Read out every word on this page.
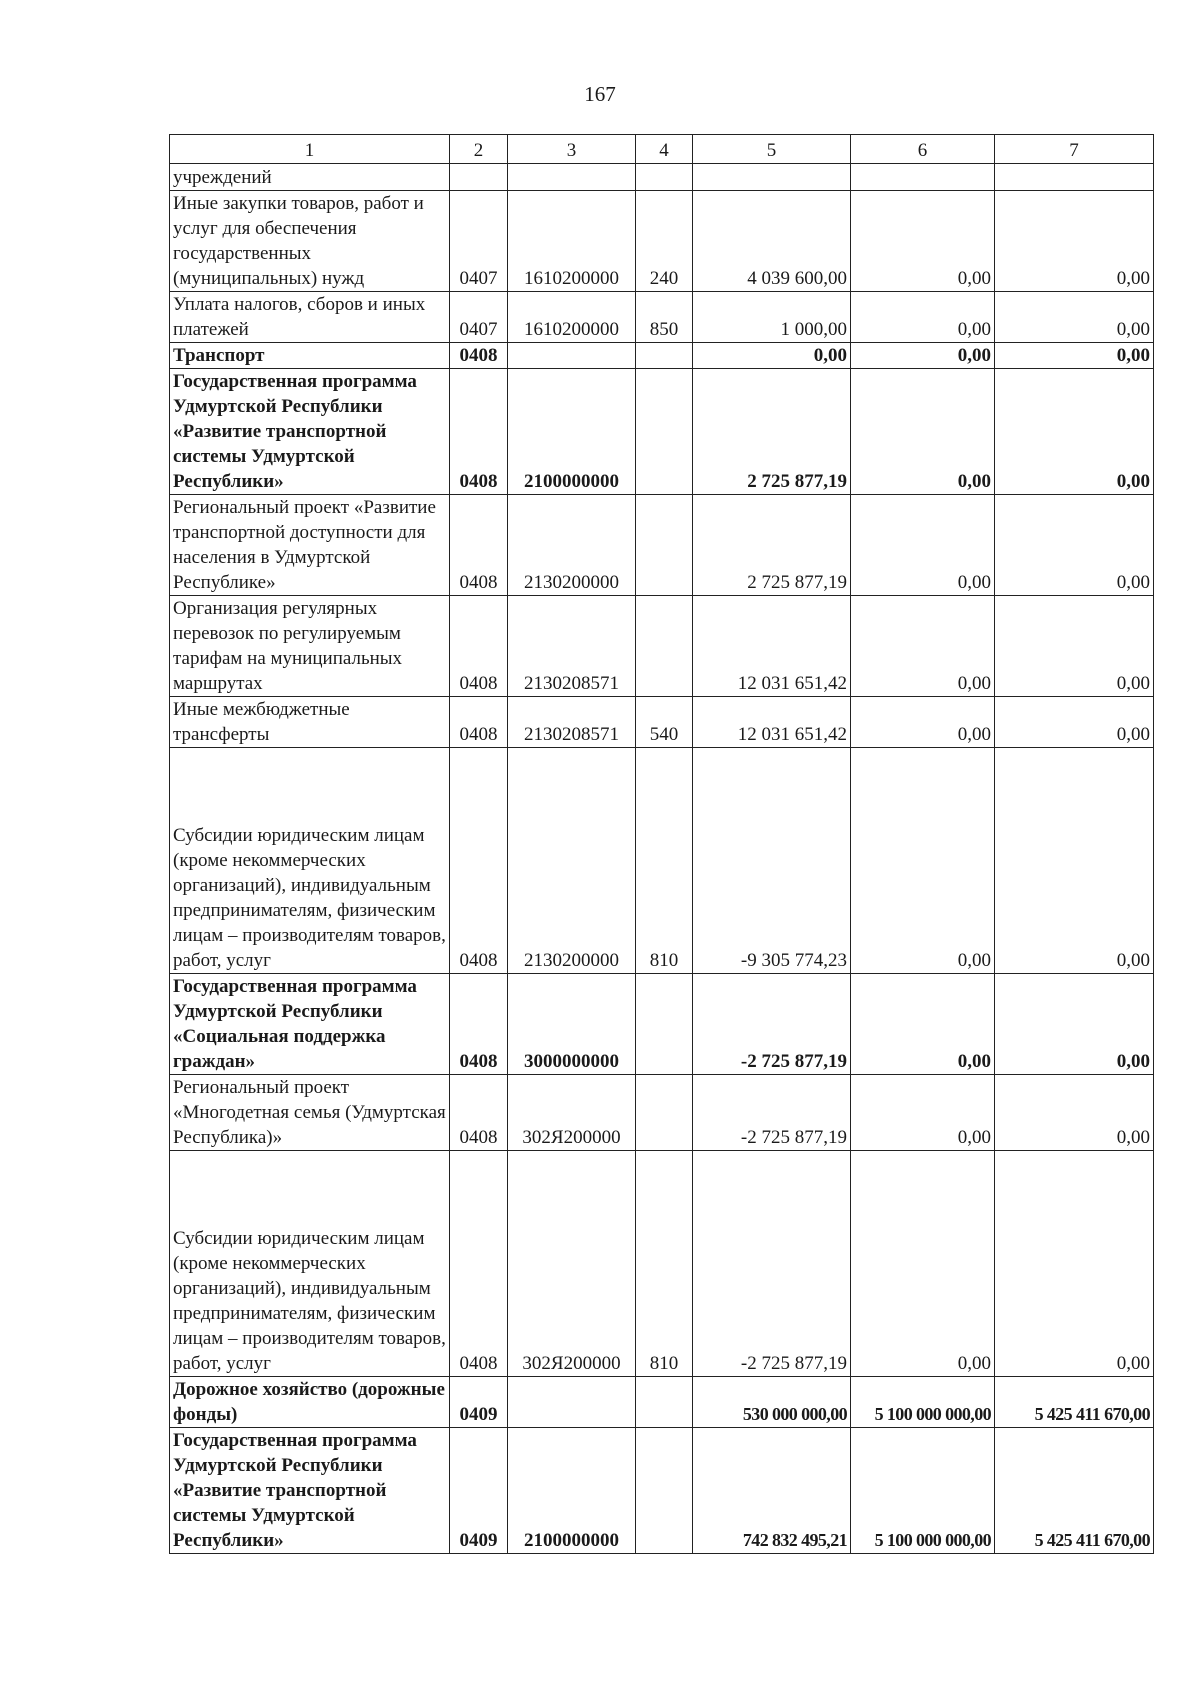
167
1	2	3	4	5	6	7
учреждений						
Иные закупки товаров, работ и услуг для обеспечения государственных (муниципальных) нужд	0407	1610200000	240	4 039 600,00	0,00	0,00
Уплата налогов, сборов и иных платежей	0407	1610200000	850	1 000,00	0,00	0,00
Транспорт	0408			0,00	0,00	0,00
Государственная программа Удмуртской Республики «Развитие транспортной системы Удмуртской Республики»	0408	2100000000		2 725 877,19	0,00	0,00
Региональный проект «Развитие транспортной доступности для населения в Удмуртской Республике»	0408	2130200000		2 725 877,19	0,00	0,00
Организация регулярных перевозок по регулируемым тарифам на муниципальных маршрутах	0408	2130208571		12 031 651,42	0,00	0,00
Иные межбюджетные трансферты	0408	2130208571	540	12 031 651,42	0,00	0,00
Субсидии юридическим лицам (кроме некоммерческих организаций), индивидуальным предпринимателям, физическим лицам – производителям товаров, работ, услуг	0408	2130200000	810	-9 305 774,23	0,00	0,00
Государственная программа Удмуртской Республики «Социальная поддержка граждан»	0408	3000000000		-2 725 877,19	0,00	0,00
Региональный проект «Многодетная семья (Удмуртская Республика)»	0408	302Я200000		-2 725 877,19	0,00	0,00
Субсидии юридическим лицам (кроме некоммерческих организаций), индивидуальным предпринимателям, физическим лицам – производителям товаров, работ, услуг	0408	302Я200000	810	-2 725 877,19	0,00	0,00
Дорожное хозяйство (дорожные фонды)	0409			530 000 000,00	5 100 000 000,00	5 425 411 670,00
Государственная программа Удмуртской Республики «Развитие транспортной системы Удмуртской Республики»	0409	2100000000		742 832 495,21	5 100 000 000,00	5 425 411 670,00
